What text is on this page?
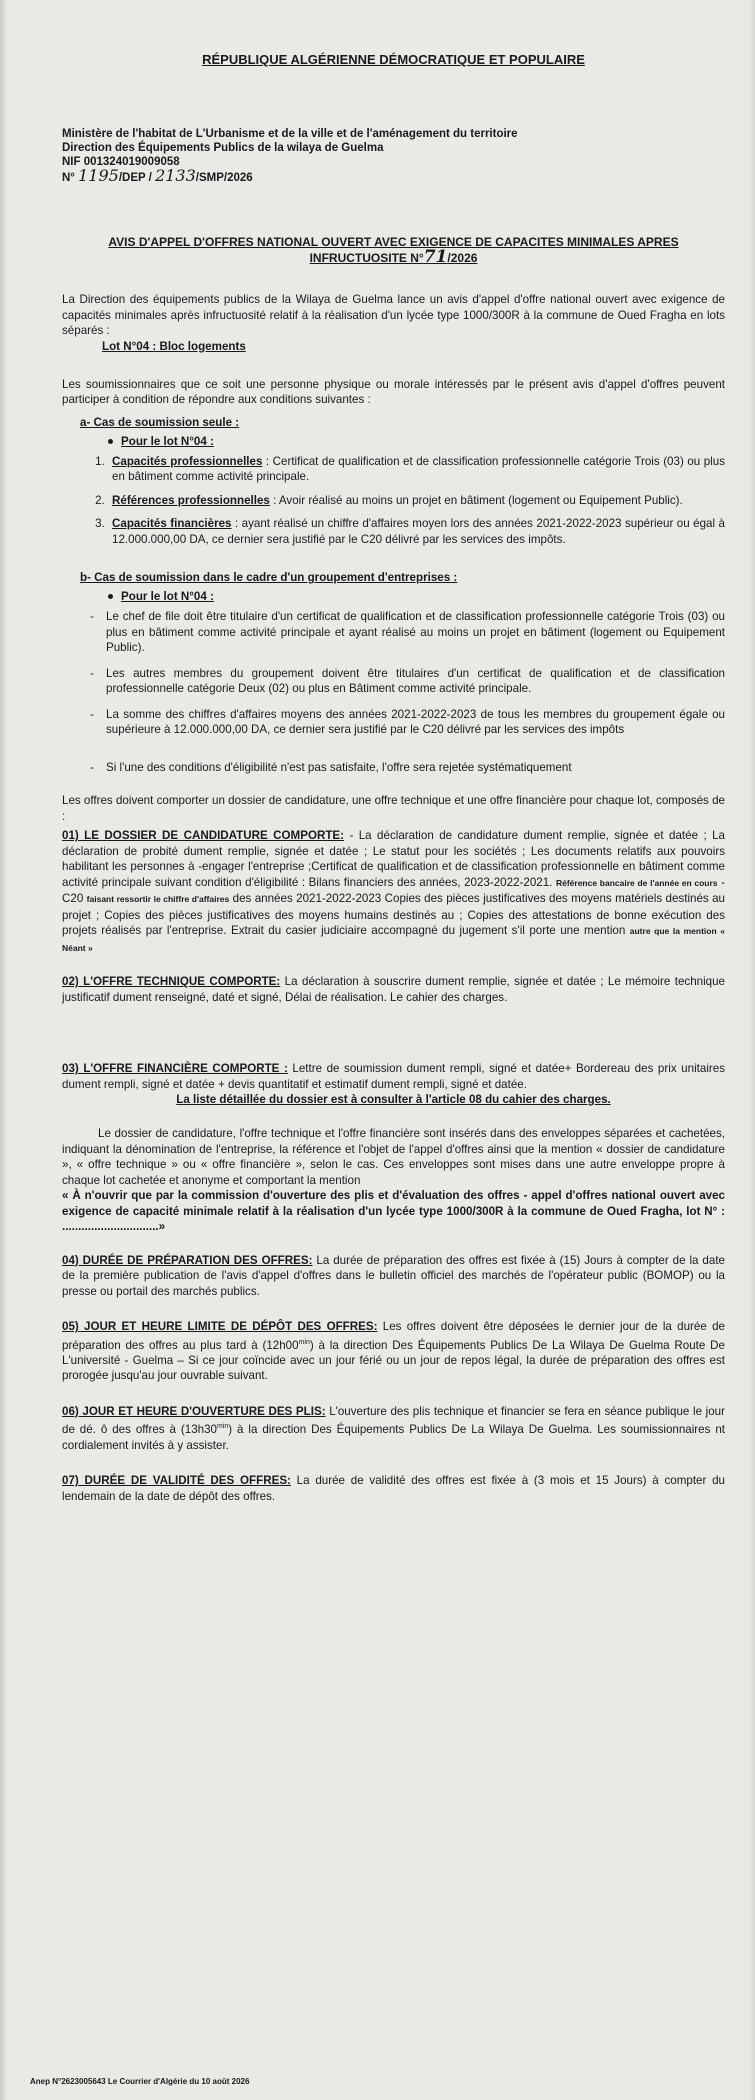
RÉPUBLIQUE ALGÉRIENNE DÉMOCRATIQUE ET POPULAIRE
Ministère de l'habitat de L'Urbanisme et de la ville et de l'aménagement du territoire
Direction des Équipements Publics de la wilaya de Guelma
NIF 001324019009058
N° 1195/DEP / 2133/SMP/2026
AVIS D'APPEL D'OFFRES NATIONAL OUVERT AVEC EXIGENCE DE CAPACITES MINIMALES APRES
INFRUCTUOSITE N°71/2026

La Direction des équipements publics de la Wilaya de Guelma lance un avis d'appel d'offre national ouvert avec exigence de capacités minimales après infructuosité relatif à la réalisation d'un lycée type 1000/300R à la commune de Oued Fragha en lots séparés :

Lot N°04 : Bloc logements

Les soumissionnaires que ce soit une personne physique ou morale intéressés par le présent avis d'appel d'offres peuvent participer à condition de répondre aux conditions suivantes :

a- Cas de soumission seule :
Pour le lot N°04 :
1. Capacités professionnelles : Certificat de qualification et de classification professionnelle catégorie Trois (03) ou plus en bâtiment comme activité principale.
2. Références professionnelles : Avoir réalisé au moins un projet en bâtiment (logement ou Equipement Public).
3. Capacités financières : ayant réalisé un chiffre d'affaires moyen lors des années 2021-2022-2023 supérieur ou égal à 12.000.000,00 DA, ce dernier sera justifié par le C20 délivré par les services des impôts.
b- Cas de soumission dans le cadre d'un groupement d'entreprises :
Pour le lot N°04 :
- Le chef de file doit être titulaire d'un certificat de qualification et de classification professionnelle catégorie Trois (03) ou plus en bâtiment comme activité principale et ayant réalisé au moins un projet en bâtiment (logement ou Equipement Public).
- Les autres membres du groupement doivent être titulaires d'un certificat de qualification et de classification professionnelle catégorie Deux (02) ou plus en Bâtiment comme activité principale.
- La somme des chiffres d'affaires moyens des années 2021-2022-2023 de tous les membres du groupement égale ou supérieure à 12.000.000,00 DA, ce dernier sera justifié par le C20 délivré par les services des impôts
- Si l'une des conditions d'éligibilité n'est pas satisfaite, l'offre sera rejetée systématiquement

Les offres doivent comporter un dossier de candidature, une offre technique et une offre financière pour chaque lot, composés de :

01) LE DOSSIER DE CANDIDATURE COMPORTE: - La déclaration de candidature dument remplie, signée et datée ; La déclaration de probité dument remplie, signée et datée ; Le statut pour les sociétés ; Les documents relatifs aux pouvoirs habilitant les personnes à -engager l'entreprise ;Certificat de qualification et de classification professionnelle en bâtiment comme activité principale suivant condition d'éligibilité : Bilans financiers des années, 2023-2022-2021. Référence bancaire de l'année en cours - C20 faisant ressortir le chiffre d'affaires des années 2021-2022-2023 Copies des pièces justificatives des moyens matériels destinés au projet ; Copies des pièces justificatives des moyens humains destinés au ; Copies des attestations de bonne exécution des projets réalisés par l'entreprise. Extrait du casier judiciaire accompagné du jugement s'il porte une mention autre que la mention « Néant »

02) L'OFFRE TECHNIQUE COMPORTE: La déclaration à souscrire dument remplie, signée et datée ; Le mémoire technique justificatif dument renseigné, daté et signé, Délai de réalisation. Le cahier des charges.

03) L'OFFRE FINANCIÈRE COMPORTE : Lettre de soumission dument rempli, signé et datée+ Bordereau des prix unitaires dument rempli, signé et datée + devis quantitatif et estimatif dument rempli, signé et datée.

La liste détaillée du dossier est à consulter à l'article 08 du cahier des charges.

Le dossier de candidature, l'offre technique et l'offre financière sont insérés dans des enveloppes séparées et cachetées, indiquant la dénomination de l'entreprise, la référence et l'objet de l'appel d'offres ainsi que la mention « dossier de candidature », « offre technique » ou « offre financière », selon le cas. Ces enveloppes sont mises dans une autre enveloppe propre à chaque lot cachetée et anonyme et comportant la mention

« À n'ouvrir que par la commission d'ouverture des plis et d'évaluation des offres - appel d'offres national ouvert avec exigence de capacité minimale relatif à la réalisation d'un lycée type 1000/300R à la commune de Oued Fragha, lot N° : ..............................»

04) DURÉE DE PRÉPARATION DES OFFRES: La durée de préparation des offres est fixée à (15) Jours à compter de la date de la première publication de l'avis d'appel d'offres dans le bulletin officiel des marchés de l'opérateur public (BOMOP) ou la presse ou portail des marchés publics.

05) JOUR ET HEURE LIMITE DE DÉPÔT DES OFFRES: Les offres doivent être déposées le dernier jour de la durée de préparation des offres au plus tard à $(12h00^{min})$ à la direction Des Équipements Publics De La Wilaya De Guelma Route De L'université - Guelma – Si ce jour coïncide avec un jour férié ou un jour de repos légal, la durée de préparation des offres est prorogée jusqu'au jour ouvrable suivant.

06) JOUR ET HEURE D'OUVERTURE DES PLIS: L'ouverture des plis technique et financier se fera en séance publique le jour de dé. ô des offres à $(13h30^{min})$ à la direction Des Équipements Publics De La Wilaya De Guelma. Les soumissionnaires nt cordialement invités à y assister.

07) DURÉE DE VALIDITÉ DES OFFRES: La durée de validité des offres est fixée à (3 mois et 15 Jours) à compter du lendemain de la date de dépôt des offres.

Anep N°2623005643 Le Courrier d'Algérie du 10 août 2026
